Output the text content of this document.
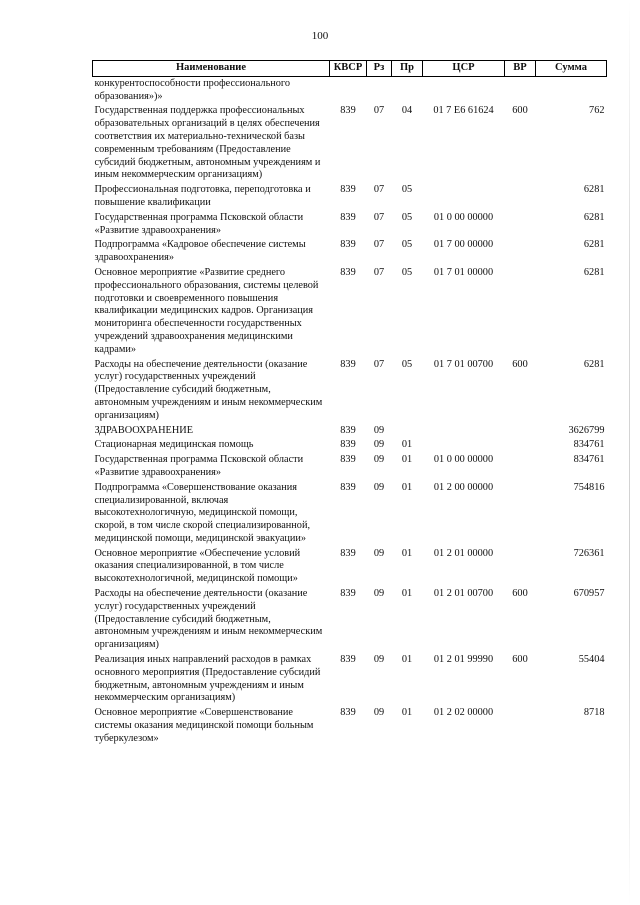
100
Наименование	КВСР	Рз	Пр	ЦСР	ВР	Сумма
конкурентоспособности профессионального образования»)»						
Государственная поддержка профессиональных образовательных организаций в целях обеспечения соответствия их материально-технической базы современным требованиям (Предоставление субсидий бюджетным, автономным учреждениям и иным некоммерческим организациям)	839	07	04	01 7 Е6 61624	600	762
Профессиональная подготовка, переподготовка и повышение квалификации	839	07	05			6281
Государственная программа Псковской области «Развитие здравоохранения»	839	07	05	01 0 00 00000		6281
Подпрограмма «Кадровое обеспечение системы здравоохранения»	839	07	05	01 7 00 00000		6281
Основное мероприятие «Развитие среднего профессионального образования, системы целевой подготовки и своевременного повышения квалификации медицинских кадров. Организация мониторинга обеспеченности государственных учреждений здравоохранения медицинскими кадрами»	839	07	05	01 7 01 00000		6281
Расходы на обеспечение деятельности (оказание услуг) государственных учреждений (Предоставление субсидий бюджетным, автономным учреждениям и иным некоммерческим организациям)	839	07	05	01 7 01 00700	600	6281
ЗДРАВООХРАНЕНИЕ	839	09				3626799
Стационарная медицинская помощь	839	09	01			834761
Государственная программа Псковской области «Развитие здравоохранения»	839	09	01	01 0 00 00000		834761
Подпрограмма «Совершенствование оказания специализированной, включая высокотехнологичную, медицинской помощи, скорой, в том числе скорой специализированной, медицинской помощи, медицинской эвакуации»	839	09	01	01 2 00 00000		754816
Основное мероприятие «Обеспечение условий оказания специализированной, в том числе высокотехнологичной, медицинской помощи»	839	09	01	01 2 01 00000		726361
Расходы на обеспечение деятельности (оказание услуг) государственных учреждений (Предоставление субсидий бюджетным, автономным учреждениям и иным некоммерческим организациям)	839	09	01	01 2 01 00700	600	670957
Реализация иных направлений расходов в рамках основного мероприятия (Предоставление субсидий бюджетным, автономным учреждениям и иным некоммерческим организациям)	839	09	01	01 2 01 99990	600	55404
Основное мероприятие «Совершенствование системы оказания медицинской помощи больным туберкулезом»	839	09	01	01 2 02 00000		8718
